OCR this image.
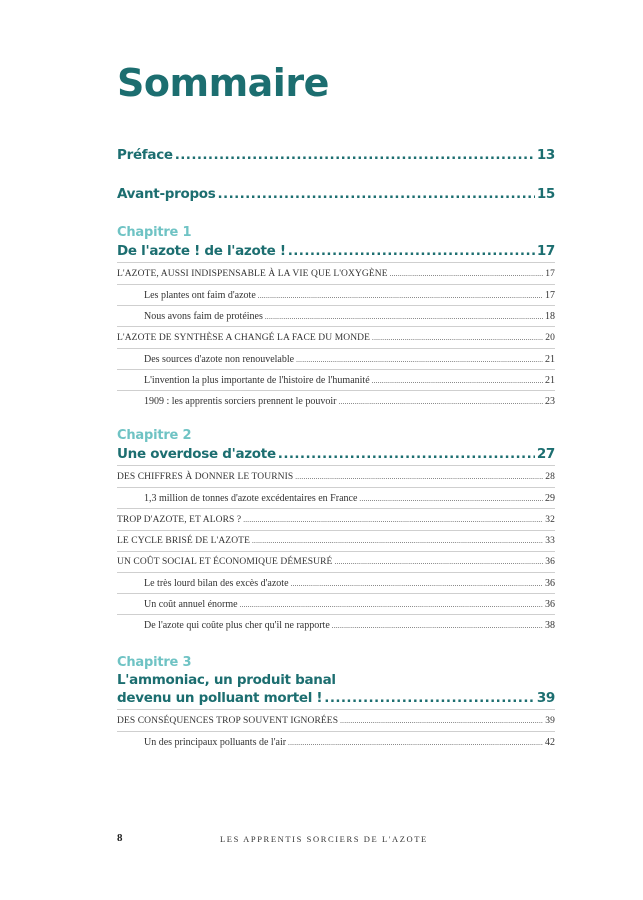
Sommaire
Préface .....	13
Avant-propos .....	15
Chapitre 1
De l'azote ! de l'azote ! .....	17
L'AZOTE, AUSSI INDISPENSABLE À LA VIE QUE L'OXYGÈNE .....	17
Les plantes ont faim d'azote .....	17
Nous avons faim de protéines .....	18
L'AZOTE DE SYNTHÈSE A CHANGÉ LA FACE DU MONDE .....	20
Des sources d'azote non renouvelable .....	21
L'invention la plus importante de l'histoire de l'humanité .....	21
1909 : les apprentis sorciers prennent le pouvoir .....	23
Chapitre 2
Une overdose d'azote .....	27
DES CHIFFRES À DONNER LE TOURNIS .....	28
1,3 million de tonnes d'azote excédentaires en France .....	29
TROP D'AZOTE, ET ALORS ? .....	32
LE CYCLE BRISÉ DE L'AZOTE .....	33
UN COÛT SOCIAL ET ÉCONOMIQUE DÉMESURÉ .....	36
Le très lourd bilan des excès d'azote .....	36
Un coût annuel énorme .....	36
De l'azote qui coûte plus cher qu'il ne rapporte .....	38
Chapitre 3
L'ammoniac, un produit banal
devenu un polluant mortel ! .....	39
DES CONSÉQUENCES TROP SOUVENT IGNORÉES .....	39
Un des principaux polluants de l'air .....	42
8	LES APPRENTIS SORCIERS DE L'AZOTE
